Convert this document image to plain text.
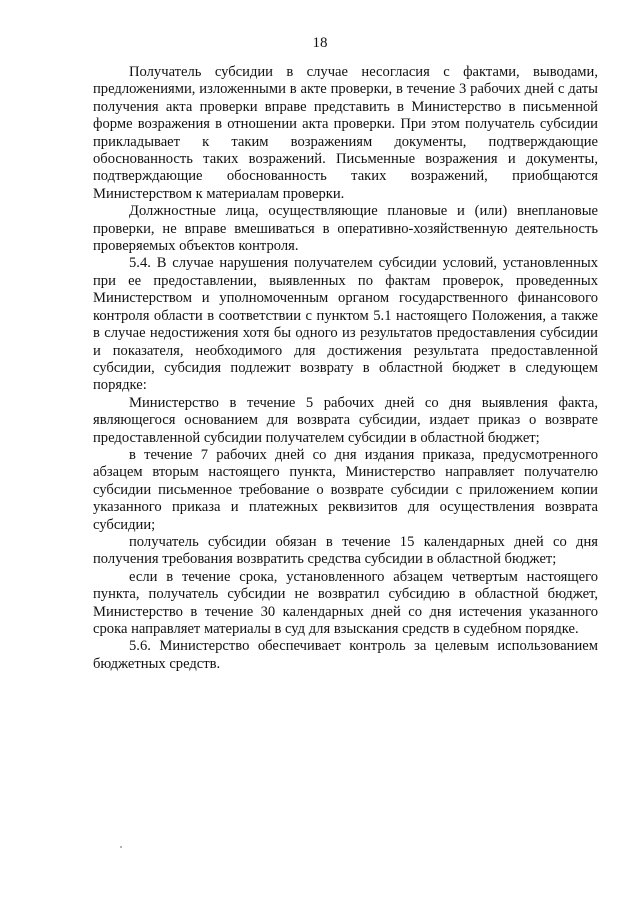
18

Получатель субсидии в случае несогласия с фактами, выводами, предложениями, изложенными в акте проверки, в течение 3 рабочих дней с даты получения акта проверки вправе представить в Министерство в письменной форме возражения в отношении акта проверки. При этом получатель субсидии прикладывает к таким возражениям документы, подтверждающие обоснованность таких возражений. Письменные возражения и документы, подтверждающие обоснованность таких возражений, приобщаются Министерством к материалам проверки.

Должностные лица, осуществляющие плановые и (или) внеплановые проверки, не вправе вмешиваться в оперативно-хозяйственную деятельность проверяемых объектов контроля.

5.4. В случае нарушения получателем субсидии условий, установленных при ее предоставлении, выявленных по фактам проверок, проведенных Министерством и уполномоченным органом государственного финансового контроля области в соответствии с пунктом 5.1 настоящего Положения, а также в случае недостижения хотя бы одного из результатов предоставления субсидии и показателя, необходимого для достижения результата предоставленной субсидии, субсидия подлежит возврату в областной бюджет в следующем порядке:

Министерство в течение 5 рабочих дней со дня выявления факта, являющегося основанием для возврата субсидии, издает приказ о возврате предоставленной субсидии получателем субсидии в областной бюджет;

в течение 7 рабочих дней со дня издания приказа, предусмотренного абзацем вторым настоящего пункта, Министерство направляет получателю субсидии письменное требование о возврате субсидии с приложением копии указанного приказа и платежных реквизитов для осуществления возврата субсидии;

получатель субсидии обязан в течение 15 календарных дней со дня получения требования возвратить средства субсидии в областной бюджет;

если в течение срока, установленного абзацем четвертым настоящего пункта, получатель субсидии не возвратил субсидию в областной бюджет, Министерство в течение 30 календарных дней со дня истечения указанного срока направляет материалы в суд для взыскания средств в судебном порядке.

5.6. Министерство обеспечивает контроль за целевым использованием бюджетных средств.
